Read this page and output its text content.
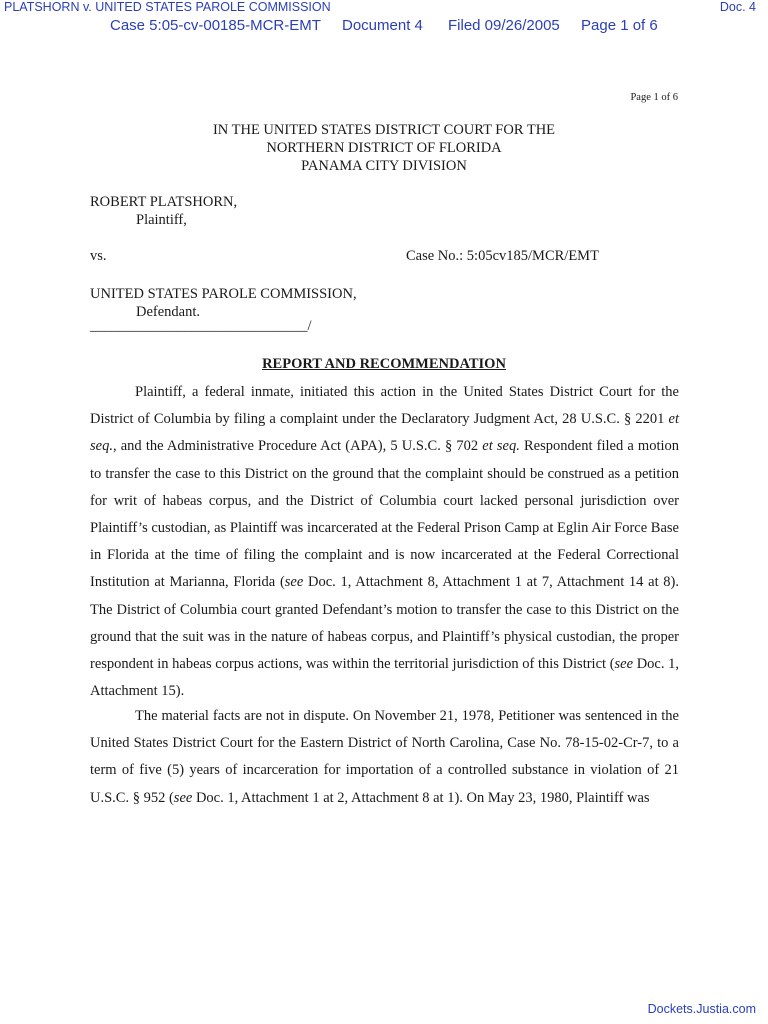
PLATSHORN v. UNITED STATES PAROLE COMMISSION	Doc. 4
Case 5:05-cv-00185-MCR-EMT Document 4 Filed 09/26/2005 Page 1 of 6
Page 1 of 6
IN THE UNITED STATES DISTRICT COURT FOR THE
NORTHERN DISTRICT OF FLORIDA
PANAMA CITY DIVISION
ROBERT PLATSHORN,
Plaintiff,
vs.	Case No.: 5:05cv185/MCR/EMT
UNITED STATES PAROLE COMMISSION,
Defendant.
______________________________/
REPORT AND RECOMMENDATION

Plaintiff, a federal inmate, initiated this action in the United States District Court for the District of Columbia by filing a complaint under the Declaratory Judgment Act, 28 U.S.C. § 2201 et seq., and the Administrative Procedure Act (APA), 5 U.S.C. § 702 et seq. Respondent filed a motion to transfer the case to this District on the ground that the complaint should be construed as a petition for writ of habeas corpus, and the District of Columbia court lacked personal jurisdiction over Plaintiff’s custodian, as Plaintiff was incarcerated at the Federal Prison Camp at Eglin Air Force Base in Florida at the time of filing the complaint and is now incarcerated at the Federal Correctional Institution at Marianna, Florida (see Doc. 1, Attachment 8, Attachment 1 at 7, Attachment 14 at 8). The District of Columbia court granted Defendant’s motion to transfer the case to this District on the ground that the suit was in the nature of habeas corpus, and Plaintiff’s physical custodian, the proper respondent in habeas corpus actions, was within the territorial jurisdiction of this District (see Doc. 1, Attachment 15).

The material facts are not in dispute. On November 21, 1978, Petitioner was sentenced in the United States District Court for the Eastern District of North Carolina, Case No. 78-15-02-Cr-7, to a term of five (5) years of incarceration for importation of a controlled substance in violation of 21 U.S.C. § 952 (see Doc. 1, Attachment 1 at 2, Attachment 8 at 1). On May 23, 1980, Plaintiff was

Dockets.Justia.com
